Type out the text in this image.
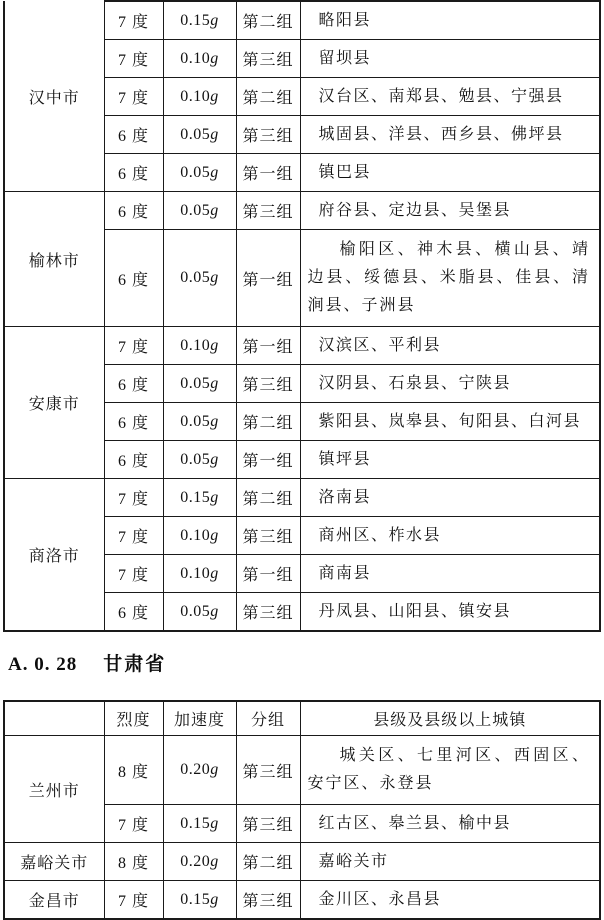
汉中市	7 度	0.15g	第二组	略阳县

	7 度	0.10g	第三组	留坝县

	7 度	0.10g	第二组	汉台区、南郑县、勉县、宁强县

	6 度	0.05g	第三组	城固县、洋县、西乡县、佛坪县

	6 度	0.05g	第一组	镇巴县

榆林市	6 度	0.05g	第三组	府谷县、定边县、吴堡县

	6 度	0.05g	第一组	榆阳区、神木县、横山县、靖边县、绥德县、米脂县、佳县、清涧县、子洲县

安康市	7 度	0.10g	第一组	汉滨区、平利县

	6 度	0.05g	第三组	汉阴县、石泉县、宁陕县

	6 度	0.05g	第二组	紫阳县、岚皋县、旬阳县、白河县

	6 度	0.05g	第一组	镇坪县

商洛市	7 度	0.15g	第二组	洛南县

	7 度	0.10g	第三组	商州区、柞水县

	7 度	0.10g	第一组	商南县

	6 度	0.05g	第三组	丹凤县、山阳县、镇安县

A. 0. 28 甘肃省
	烈度	加速度	分组	县级及县级以上城镇
兰州市	8 度	0.20g	第三组	城关区、七里河区、西固区、安宁区、永登县

	7 度	0.15g	第三组	红古区、皋兰县、榆中县

嘉峪关市	8 度	0.20g	第二组	嘉峪关市

金昌市	7 度	0.15g	第三组	金川区、永昌县
